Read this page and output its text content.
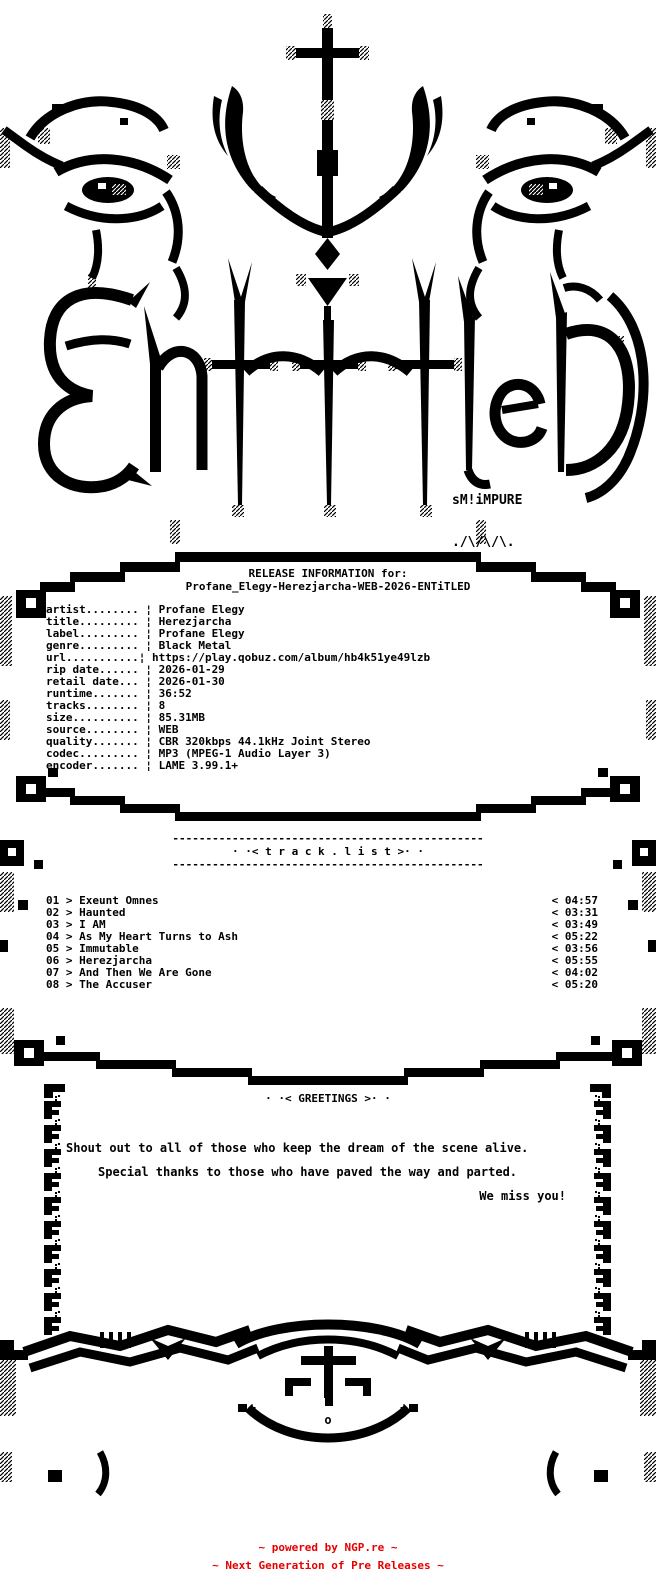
+	+
o

sM!iMPURE

./\/\/\.

RELEASE INFORMATION for:
Profane_Elegy-Herezjarcha-WEB-2026-ENTiTLED
artist........ ¦ Profane Elegy
title......... ¦ Herezjarcha
label......... ¦ Profane Elegy
genre......... ¦ Black Metal
url...........¦ https://play.qobuz.com/album/hb4k51ye49lzb
rip date...... ¦ 2026-01-29
retail date... ¦ 2026-01-30
runtime....... ¦ 36:52
tracks........ ¦ 8
size.......... ¦ 85.31MB
source........ ¦ WEB
quality....... ¦ CBR 320kbps 44.1kHz Joint Stereo
codec......... ¦ MP3 (MPEG-1 Audio Layer 3)
encoder....... ¦ LAME 3.99.1+
-----------------------------------------------
· ·< t r a c k . l i s t >· ·
-----------------------------------------------
01 > Exeunt Omnes	< 04:57
02 > Haunted	< 03:31
03 > I AM	< 03:49
04 > As My Heart Turns to Ash	< 05:22
05 > Immutable	< 03:56
06 > Herezjarcha	< 05:55
07 > And Then We Are Gone	< 04:02
08 > The Accuser	< 05:20
· ·< GREETINGS >· ·
Shout out to all of those who keep the dream of the scene alive.
Special thanks to those who have paved the way and parted.
We miss you!
~ powered by NGP.re ~
~ Next Generation of Pre Releases ~
